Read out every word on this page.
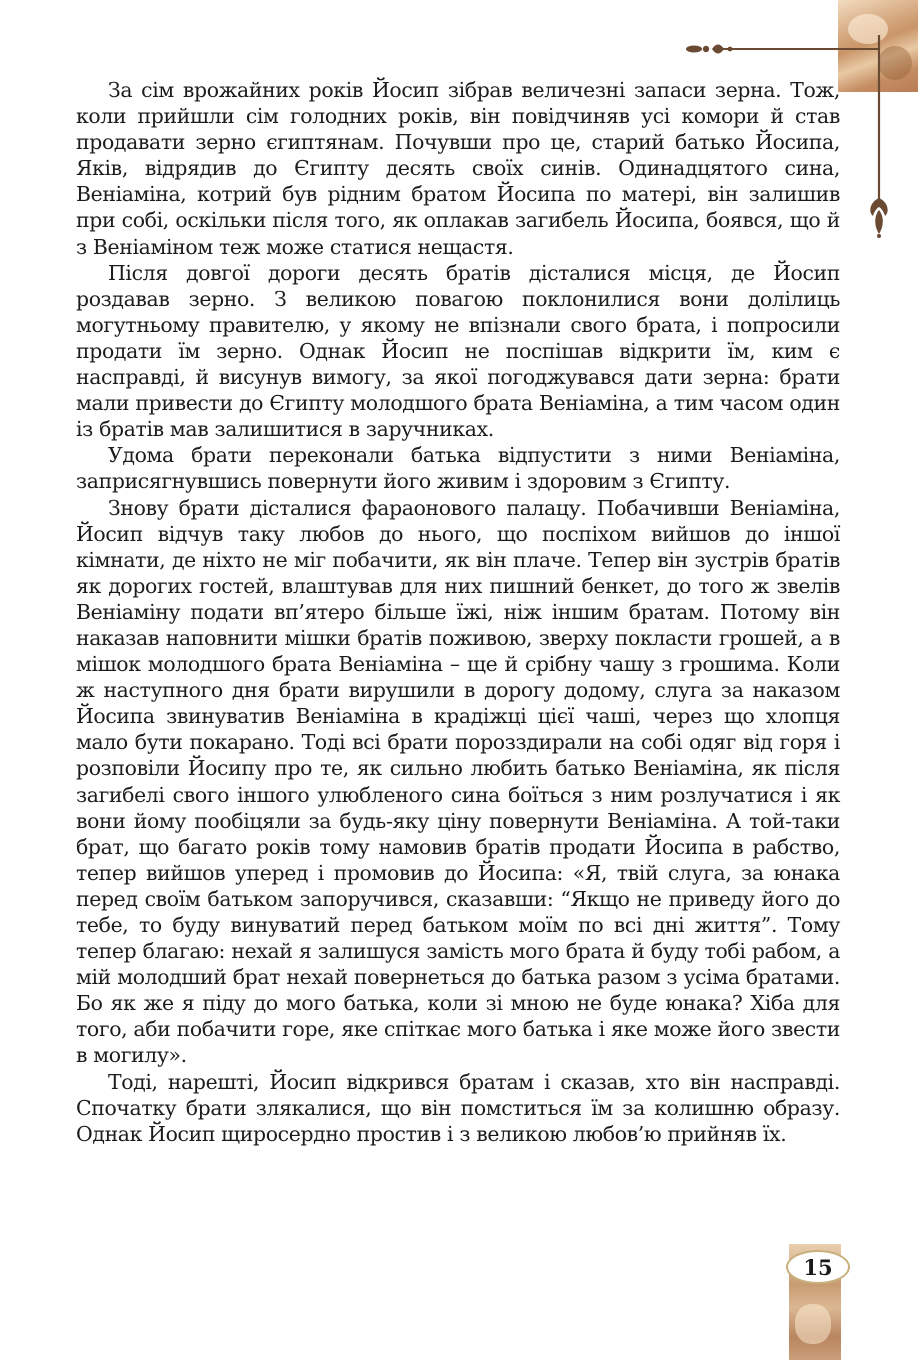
За сім врожайних років Йосип зібрав величезні запаси зерна. Тож, коли прийшли сім голодних років, він повідчиняв усі комори й став продавати зерно єгиптянам. Почувши про це, старий батько Йосипа, Яків, відрядив до Єгипту десять своїх синів. Одинадцятого сина, Веніаміна, котрий був рідним братом Йосипа по матері, він залишив при собі, оскільки після того, як оплакав загибель Йосипа, боявся, що й з Веніаміном теж може статися нещастя.

Після довгої дороги десять братів дісталися місця, де Йосип роздавав зерно. З великою повагою поклонилися вони долілиць могутньому правителю, у якому не впізнали свого брата, і попросили продати їм зерно. Однак Йосип не поспішав відкрити їм, ким є насправді, й висунув вимогу, за якої погоджувався дати зерна: брати мали привести до Єгипту молодшого брата Веніаміна, а тим часом один із братів мав залишитися в заручниках.

Удома брати переконали батька відпустити з ними Веніаміна, заприсягнувшись повернути його живим і здоровим з Єгипту.

Знову брати дісталися фараонового палацу. Побачивши Веніаміна, Йосип відчув таку любов до нього, що поспіхом вийшов до іншої кімнати, де ніхто не міг побачити, як він плаче. Тепер він зустрів братів як дорогих гостей, влаштував для них пишний бенкет, до того ж звелів Веніаміну подати вп’ятеро більше їжі, ніж іншим братам. Потому він наказав наповнити мішки братів поживою, зверху покласти грошей, а в мішок молодшого брата Веніаміна – ще й срібну чашу з грошима. Коли ж наступного дня брати вирушили в дорогу додому, слуга за наказом Йосипа звинуватив Веніаміна в крадіжці цієї чаші, через що хлопця мало бути покарано. Тоді всі брати порозздирали на собі одяг від горя і розповіли Йосипу про те, як сильно любить батько Веніаміна, як після загибелі свого іншого улюбленого сина боїться з ним розлучатися і як вони йому пообіцяли за будь-яку ціну повернути Веніаміна. А той-таки брат, що багато років тому намовив братів продати Йосипа в рабство, тепер вийшов уперед і промовив до Йосипа: «Я, твій слуга, за юнака перед своїм батьком запоручився, сказавши: “Якщо не приведу його до тебе, то буду винуватий перед батьком моїм по всі дні життя”. Тому тепер благаю: нехай я залишуся замість мого брата й буду тобі рабом, а мій молодший брат нехай повернеться до батька разом з усіма братами. Бо як же я піду до мого батька, коли зі мною не буде юнака? Хіба для того, аби побачити горе, яке спіткає мого батька і яке може його звести в могилу».

Тоді, нарешті, Йосип відкрився братам і сказав, хто він насправді. Спочатку брати злякалися, що він помститься їм за колишню образу. Однак Йосип щиросердно простив і з великою любов’ю прийняв їх.

15
